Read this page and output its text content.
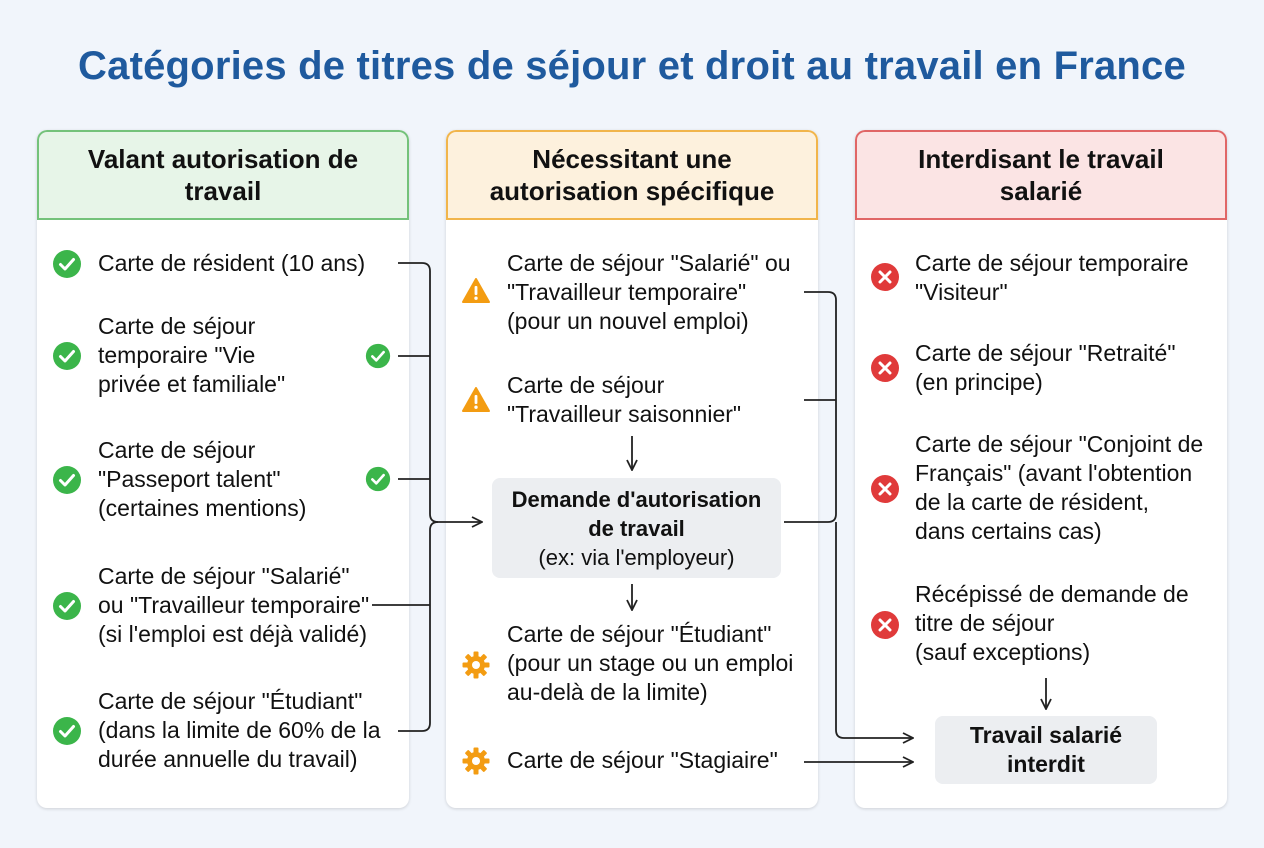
Catégories de titres de séjour et droit au travail en France
Valant autorisation de travail
Nécessitant une autorisation spécifique
Interdisant le travail salarié
Carte de résident (10 ans)
Carte de séjour
temporaire "Vie
privée et familiale"
Carte de séjour
"Passeport talent"
(certaines mentions)
Carte de séjour "Salarié"
ou "Travailleur temporaire"
(si l'emploi est déjà validé)
Carte de séjour "Étudiant"
(dans la limite de 60% de la
durée annuelle du travail)
Carte de séjour "Salarié" ou
"Travailleur temporaire"
(pour un nouvel emploi)
Carte de séjour
"Travailleur saisonnier"
Demande d'autorisation
de travail
(ex: via l'employeur)
Carte de séjour "Étudiant"
(pour un stage ou un emploi
au-delà de la limite)
Carte de séjour "Stagiaire"
Carte de séjour temporaire
"Visiteur"
Carte de séjour "Retraité"
(en principe)
Carte de séjour "Conjoint de
Français" (avant l'obtention
de la carte de résident,
dans certains cas)
Récépissé de demande de
titre de séjour
(sauf exceptions)
Travail salarié
interdit
